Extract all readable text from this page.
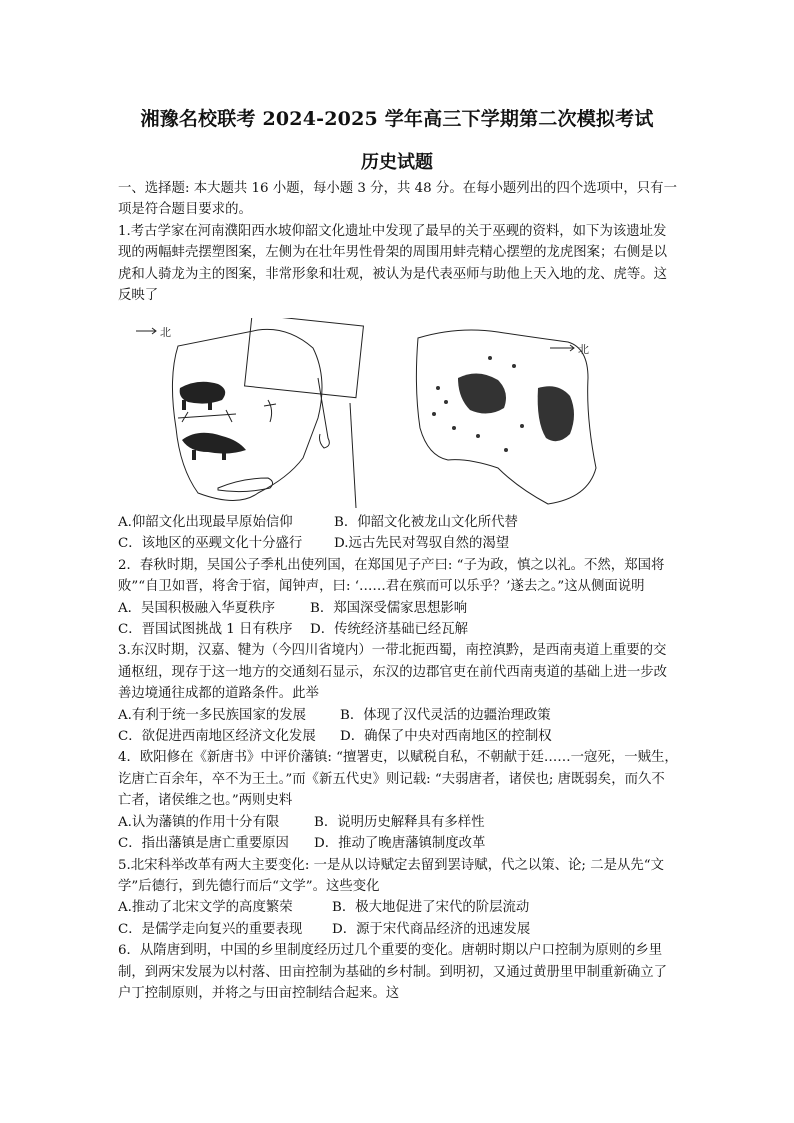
湘豫名校联考 2024-2025 学年高三下学期第二次模拟考试
历史试题

一、选择题: 本大题共 16 小题，每小题 3 分，共 48 分。在每小题列出的四个选项中，只有一项是符合题目要求的。

1.考古学家在河南濮阳西水坡仰韶文化遗址中发现了最早的关于巫觋的资料，如下为该遗址发现的两幅蚌壳摆塑图案，左侧为在壮年男性骨架的周围用蚌壳精心摆塑的龙虎图案；右侧是以虎和人骑龙为主的图案，非常形象和壮观，被认为是代表巫师与助他上天入地的龙、虎等。这反映了

北
北
A.仰韶文化出现最早原始信仰	B．仰韶文化被龙山文化所代替
C．该地区的巫觋文化十分盛行	D.远古先民对驾驭自然的渴望

2．春秋时期，吴国公子季札出使列国，在郑国见子产曰: “子为政，慎之以礼。不然，郑国将败”“自卫如晋，将舍于宿，闻钟声，曰: ‘……君在殡而可以乐乎？’遂去之。”这从侧面说明

A．吴国积极融入华夏秩序	B．郑国深受儒家思想影响
C．晋国试图挑战 1 日有秩序	D．传统经济基础已经瓦解

3.东汉时期，汉嘉、犍为（今四川省境内）一带北扼西蜀，南控滇黔，是西南夷道上重要的交通枢纽，现存于这一地方的交通刻石显示，东汉的边郡官吏在前代西南夷道的基础上进一步改善边境通往成都的道路条件。此举

A.有利于统一多民族国家的发展	B．体现了汉代灵活的边疆治理政策
C．欲促进西南地区经济文化发展	D．确保了中央对西南地区的控制权

4．欧阳修在《新唐书》中评价藩镇: “擅署吏，以赋税自私，不朝献于廷……一寇死，一贼生，讫唐亡百余年，卒不为王土。”而《新五代史》则记载: “夫弱唐者，诸侯也; 唐既弱矣，而久不亡者，诸侯维之也。”两则史料

A.认为藩镇的作用十分有限	B．说明历史解释具有多样性
C．指出藩镇是唐亡重要原因	D．推动了晚唐藩镇制度改革

5.北宋科举改革有两大主要变化: 一是从以诗赋定去留到罢诗赋，代之以策、论; 二是从先“文学”后德行，到先德行而后“文学”。这些变化

A.推动了北宋文学的高度繁荣	B．极大地促进了宋代的阶层流动
C．是儒学走向复兴的重要表现	D．源于宋代商品经济的迅速发展

6．从隋唐到明，中国的乡里制度经历过几个重要的变化。唐朝时期以户口控制为原则的乡里制，到两宋发展为以村落、田亩控制为基础的乡村制。到明初，又通过黄册里甲制重新确立了户丁控制原则，并将之与田亩控制结合起来。这
